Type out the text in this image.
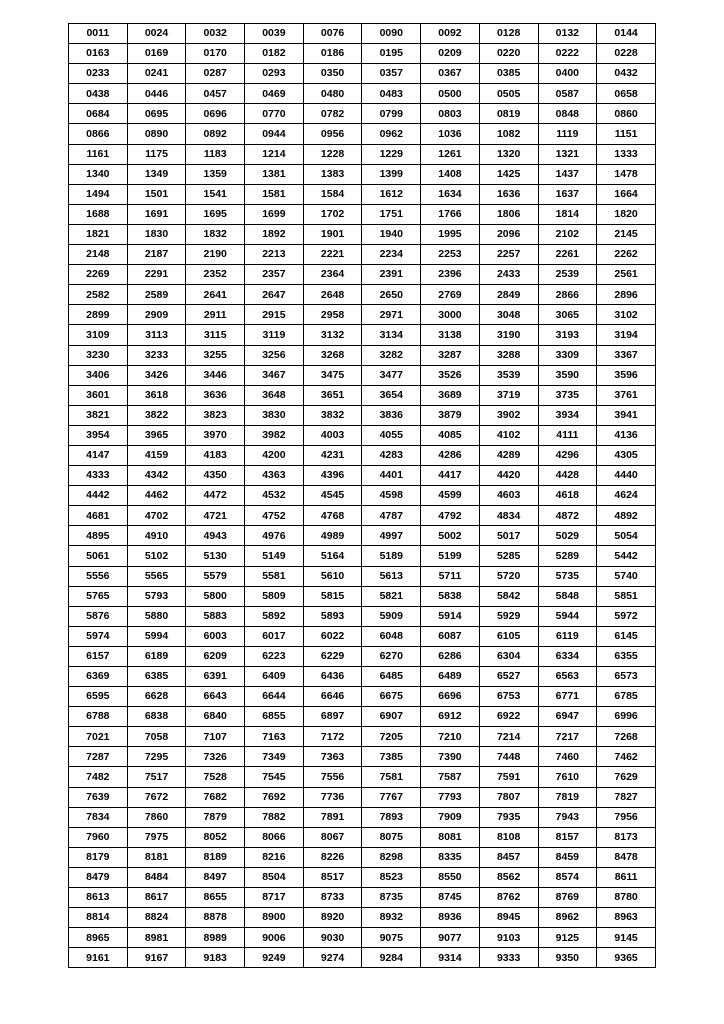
0011	0024	0032	0039	0076	0090	0092	0128	0132	0144
0163	0169	0170	0182	0186	0195	0209	0220	0222	0228
0233	0241	0287	0293	0350	0357	0367	0385	0400	0432
0438	0446	0457	0469	0480	0483	0500	0505	0587	0658
0684	0695	0696	0770	0782	0799	0803	0819	0848	0860
0866	0890	0892	0944	0956	0962	1036	1082	1119	1151
1161	1175	1183	1214	1228	1229	1261	1320	1321	1333
1340	1349	1359	1381	1383	1399	1408	1425	1437	1478
1494	1501	1541	1581	1584	1612	1634	1636	1637	1664
1688	1691	1695	1699	1702	1751	1766	1806	1814	1820
1821	1830	1832	1892	1901	1940	1995	2096	2102	2145
2148	2187	2190	2213	2221	2234	2253	2257	2261	2262
2269	2291	2352	2357	2364	2391	2396	2433	2539	2561
2582	2589	2641	2647	2648	2650	2769	2849	2866	2896
2899	2909	2911	2915	2958	2971	3000	3048	3065	3102
3109	3113	3115	3119	3132	3134	3138	3190	3193	3194
3230	3233	3255	3256	3268	3282	3287	3288	3309	3367
3406	3426	3446	3467	3475	3477	3526	3539	3590	3596
3601	3618	3636	3648	3651	3654	3689	3719	3735	3761
3821	3822	3823	3830	3832	3836	3879	3902	3934	3941
3954	3965	3970	3982	4003	4055	4085	4102	4111	4136
4147	4159	4183	4200	4231	4283	4286	4289	4296	4305
4333	4342	4350	4363	4396	4401	4417	4420	4428	4440
4442	4462	4472	4532	4545	4598	4599	4603	4618	4624
4681	4702	4721	4752	4768	4787	4792	4834	4872	4892
4895	4910	4943	4976	4989	4997	5002	5017	5029	5054
5061	5102	5130	5149	5164	5189	5199	5285	5289	5442
5556	5565	5579	5581	5610	5613	5711	5720	5735	5740
5765	5793	5800	5809	5815	5821	5838	5842	5848	5851
5876	5880	5883	5892	5893	5909	5914	5929	5944	5972
5974	5994	6003	6017	6022	6048	6087	6105	6119	6145
6157	6189	6209	6223	6229	6270	6286	6304	6334	6355
6369	6385	6391	6409	6436	6485	6489	6527	6563	6573
6595	6628	6643	6644	6646	6675	6696	6753	6771	6785
6788	6838	6840	6855	6897	6907	6912	6922	6947	6996
7021	7058	7107	7163	7172	7205	7210	7214	7217	7268
7287	7295	7326	7349	7363	7385	7390	7448	7460	7462
7482	7517	7528	7545	7556	7581	7587	7591	7610	7629
7639	7672	7682	7692	7736	7767	7793	7807	7819	7827
7834	7860	7879	7882	7891	7893	7909	7935	7943	7956
7960	7975	8052	8066	8067	8075	8081	8108	8157	8173
8179	8181	8189	8216	8226	8298	8335	8457	8459	8478
8479	8484	8497	8504	8517	8523	8550	8562	8574	8611
8613	8617	8655	8717	8733	8735	8745	8762	8769	8780
8814	8824	8878	8900	8920	8932	8936	8945	8962	8963
8965	8981	8989	9006	9030	9075	9077	9103	9125	9145
9161	9167	9183	9249	9274	9284	9314	9333	9350	9365
